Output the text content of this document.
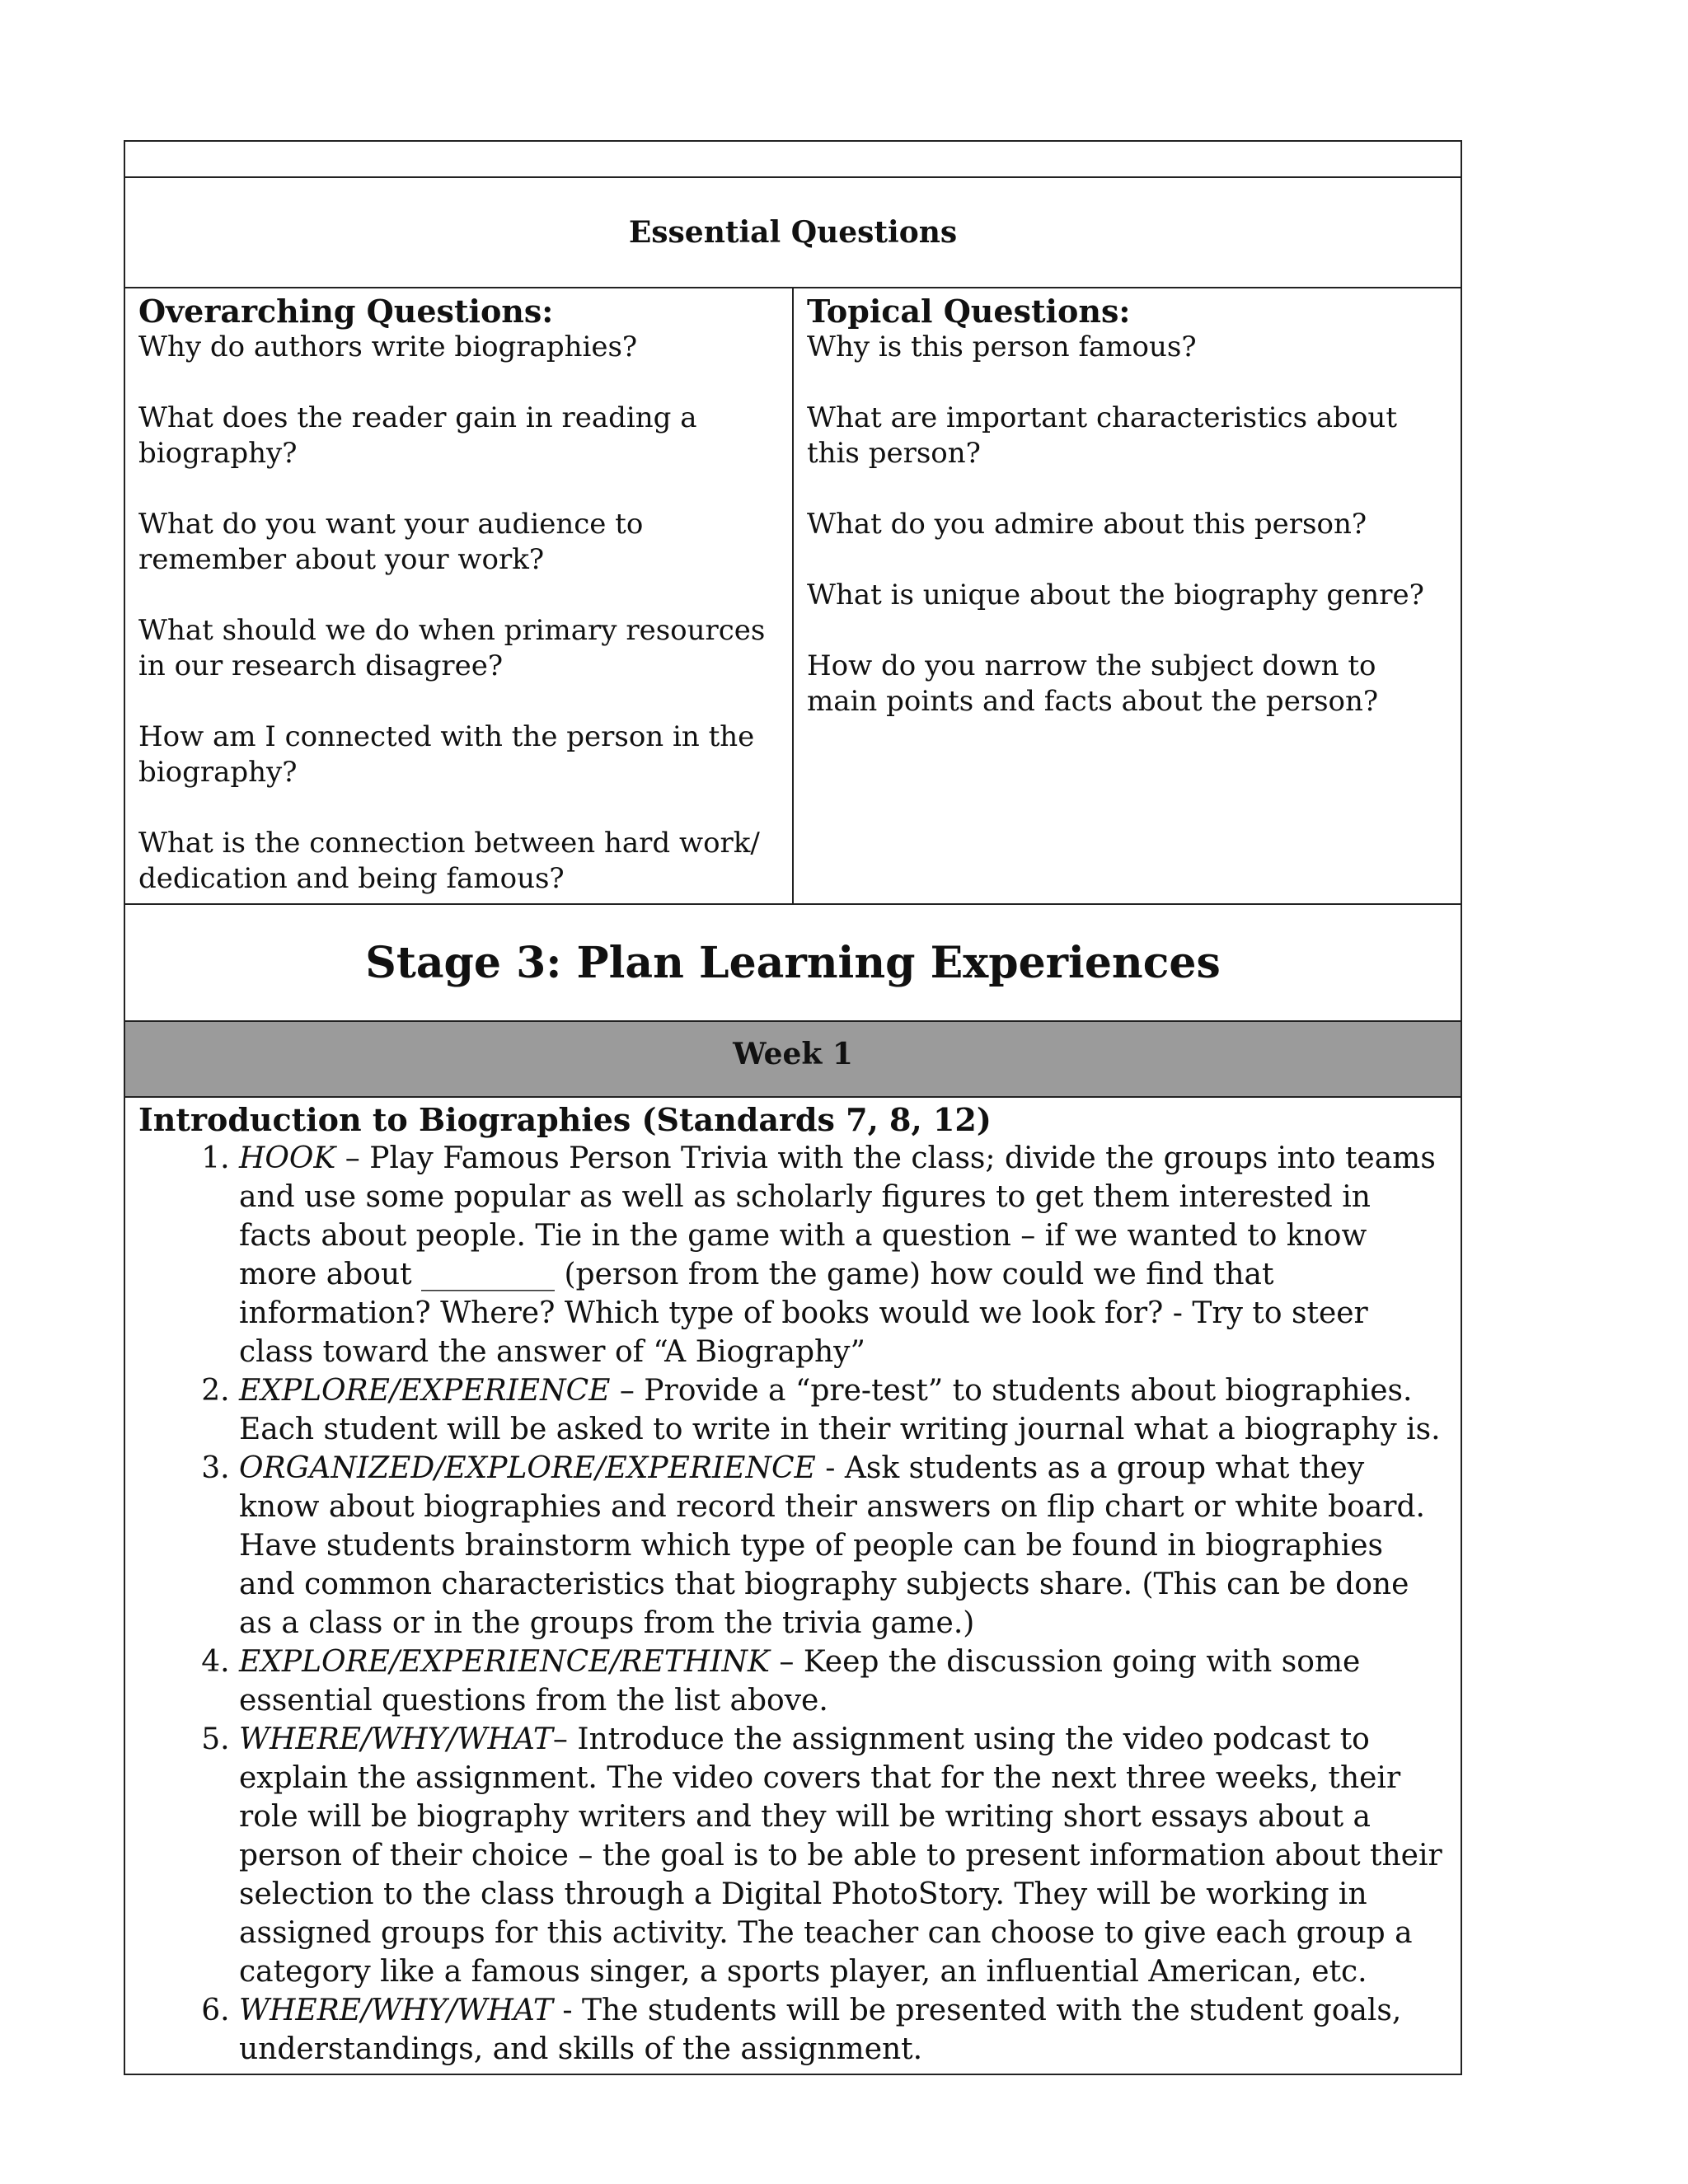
Essential Questions

Overarching Questions:
Why do authors write biographies?
What does the reader gain in reading a biography?
What do you want your audience to remember about your work?
What should we do when primary resources in our research disagree?
How am I connected with the person in the biography?
What is the connection between hard work/ dedication and being famous?

Topical Questions:
Why is this person famous?
What are important characteristics about this person?
What do you admire about this person?
What is unique about the biography genre?
How do you narrow the subject down to main points and facts about the person?

Stage 3: Plan Learning Experiences

Week 1

Introduction to Biographies (Standards 7, 8, 12)
1. HOOK – Play Famous Person Trivia with the class; divide the groups into teams and use some popular as well as scholarly figures to get them interested in facts about people. Tie in the game with a question – if we wanted to know more about _________ (person from the game) how could we find that information? Where? Which type of books would we look for? - Try to steer class toward the answer of “A Biography”
2. EXPLORE/EXPERIENCE – Provide a “pre-test” to students about biographies. Each student will be asked to write in their writing journal what a biography is.
3. ORGANIZED/EXPLORE/EXPERIENCE - Ask students as a group what they know about biographies and record their answers on flip chart or white board. Have students brainstorm which type of people can be found in biographies and common characteristics that biography subjects share. (This can be done as a class or in the groups from the trivia game.)
4. EXPLORE/EXPERIENCE/RETHINK – Keep the discussion going with some essential questions from the list above.
5. WHERE/WHY/WHAT– Introduce the assignment using the video podcast to explain the assignment. The video covers that for the next three weeks, their role will be biography writers and they will be writing short essays about a person of their choice – the goal is to be able to present information about their selection to the class through a Digital PhotoStory. They will be working in assigned groups for this activity. The teacher can choose to give each group a category like a famous singer, a sports player, an influential American, etc.
6. WHERE/WHY/WHAT - The students will be presented with the student goals, understandings, and skills of the assignment.
